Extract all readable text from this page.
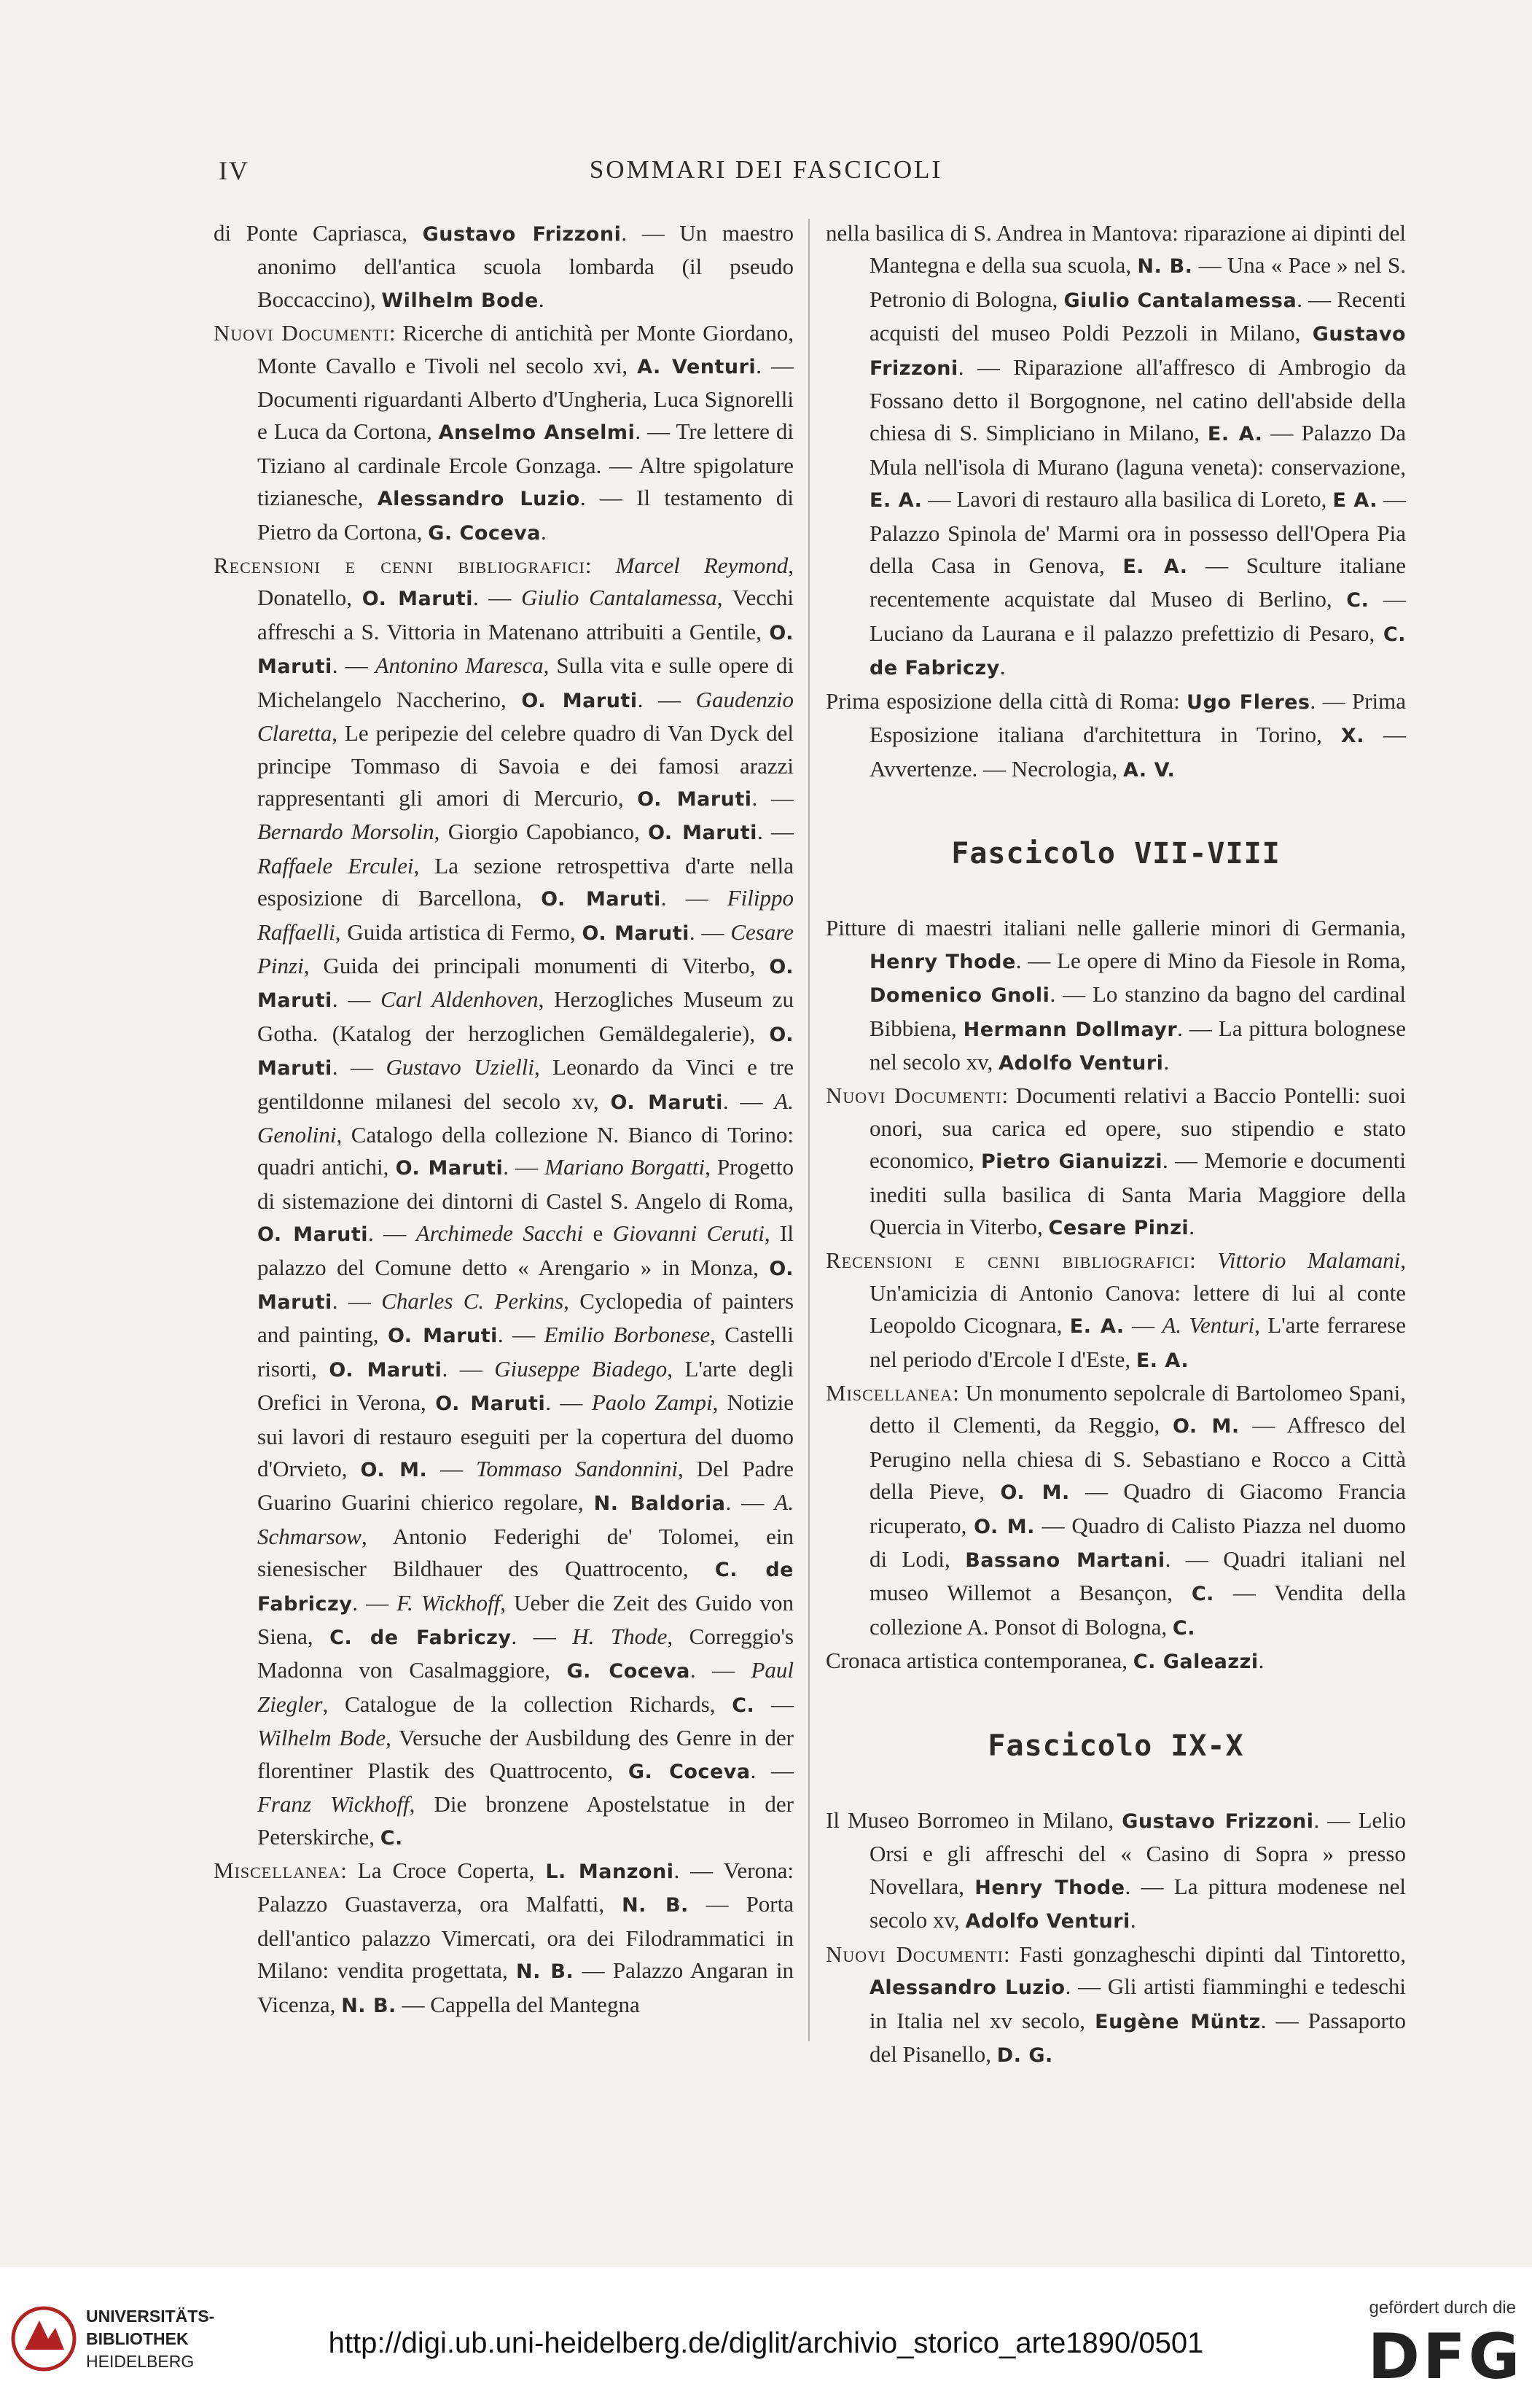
IV	SOMMARI DEI FASCICOLI
di Ponte Capriasca, Gustavo Frizzoni. — Un maestro anonimo dell'antica scuola lombarda (il pseudo Boccaccino), Wilhelm Bode.
Nuovi Documenti: Ricerche di antichità per Monte Giordano, Monte Cavallo e Tivoli nel secolo xvi, A. Venturi. — Documenti riguardanti Alberto d'Ungheria, Luca Signorelli e Luca da Cortona, Anselmo Anselmi. — Tre lettere di Tiziano al cardinale Ercole Gonzaga. — Altre spigolature tizianesche, Alessandro Luzio. — Il testamento di Pietro da Cortona, G. Coceva.
Recensioni e cenni bibliografici: Marcel Reymond, Donatello, O. Maruti. — Giulio Cantalamessa, Vecchi affreschi a S. Vittoria in Matenano attribuiti a Gentile, O. Maruti. — Antonino Maresca, Sulla vita e sulle opere di Michelangelo Naccherino, O. Maruti. — Gaudenzio Claretta, Le peripezie del celebre quadro di Van Dyck del principe Tommaso di Savoia e dei famosi arazzi rappresentanti gli amori di Mercurio, O. Maruti. — Bernardo Morsolin, Giorgio Capobianco, O. Maruti. — Raffaele Erculei, La sezione retrospettiva d'arte nella esposizione di Barcellona, O. Maruti. — Filippo Raffaelli, Guida artistica di Fermo, O. Maruti. — Cesare Pinzi, Guida dei principali monumenti di Viterbo, O. Maruti. — Carl Aldenhoven, Herzogliches Museum zu Gotha. (Katalog der herzoglichen Gemäldegalerie), O. Maruti. — Gustavo Uzielli, Leonardo da Vinci e tre gentildonne milanesi del secolo xv, O. Maruti. — A. Genolini, Catalogo della collezione N. Bianco di Torino: quadri antichi, O. Maruti. — Mariano Borgatti, Progetto di sistemazione dei dintorni di Castel S. Angelo di Roma, O. Maruti. — Archimede Sacchi e Giovanni Ceruti, Il palazzo del Comune detto « Arengario » in Monza, O. Maruti. — Charles C. Perkins, Cyclopedia of painters and painting, O. Maruti. — Emilio Borbonese, Castelli risorti, O. Maruti. — Giuseppe Biadego, L'arte degli Orefici in Verona, O. Maruti. — Paolo Zampi, Notizie sui lavori di restauro eseguiti per la copertura del duomo d'Orvieto, O. M. — Tommaso Sandonnini, Del Padre Guarino Guarini chierico regolare, N. Baldoria. — A. Schmarsow, Antonio Federighi de' Tolomei, ein sienesischer Bildhauer des Quattrocento, C. de Fabriczy. — F. Wickhoff, Ueber die Zeit des Guido von Siena, C. de Fabriczy. — H. Thode, Correggio's Madonna von Casalmaggiore, G. Coceva. — Paul Ziegler, Catalogue de la collection Richards, C. — Wilhelm Bode, Versuche der Ausbildung des Genre in der florentiner Plastik des Quattrocento, G. Coceva. — Franz Wickhoff, Die bronzene Apostelstatue in der Peterskirche, C.
Miscellanea: La Croce Coperta, L. Manzoni. — Verona: Palazzo Guastaverza, ora Malfatti, N. B. — Porta dell'antico palazzo Vimercati, ora dei Filodrammatici in Milano: vendita progettata, N. B. — Palazzo Angaran in Vicenza, N. B. — Cappella del Mantegna
nella basilica di S. Andrea in Mantova: riparazione ai dipinti del Mantegna e della sua scuola, N. B. — Una « Pace » nel S. Petronio di Bologna, Giulio Cantalamessa. — Recenti acquisti del museo Poldi Pezzoli in Milano, Gustavo Frizzoni. — Riparazione all'affresco di Ambrogio da Fossano detto il Borgognone, nel catino dell'abside della chiesa di S. Simpliciano in Milano, E. A. — Palazzo Da Mula nell'isola di Murano (laguna veneta): conservazione, E. A. — Lavori di restauro alla basilica di Loreto, E A. — Palazzo Spinola de' Marmi ora in possesso dell'Opera Pia della Casa in Genova, E. A. — Sculture italiane recentemente acquistate dal Museo di Berlino, C. — Luciano da Laurana e il palazzo prefettizio di Pesaro, C. de Fabriczy.
Prima esposizione della città di Roma: Ugo Fleres. — Prima Esposizione italiana d'architettura in Torino, X. — Avvertenze. — Necrologia, A. V.
Fascicolo VII-VIII
Pitture di maestri italiani nelle gallerie minori di Germania, Henry Thode. — Le opere di Mino da Fiesole in Roma, Domenico Gnoli. — Lo stanzino da bagno del cardinal Bibbiena, Hermann Dollmayr. — La pittura bolognese nel secolo xv, Adolfo Venturi.
Nuovi Documenti: Documenti relativi a Baccio Pontelli: suoi onori, sua carica ed opere, suo stipendio e stato economico, Pietro Gianuizzi. — Memorie e documenti inediti sulla basilica di Santa Maria Maggiore della Quercia in Viterbo, Cesare Pinzi.
Recensioni e cenni bibliografici: Vittorio Malamani, Un'amicizia di Antonio Canova: lettere di lui al conte Leopoldo Cicognara, E. A. — A. Venturi, L'arte ferrarese nel periodo d'Ercole I d'Este, E. A.
Miscellanea: Un monumento sepolcrale di Bartolomeo Spani, detto il Clementi, da Reggio, O. M. — Affresco del Perugino nella chiesa di S. Sebastiano e Rocco a Città della Pieve, O. M. — Quadro di Giacomo Francia ricuperato, O. M. — Quadro di Calisto Piazza nel duomo di Lodi, Bassano Martani. — Quadri italiani nel museo Willemot a Besançon, C. — Vendita della collezione A. Ponsot di Bologna, C.
Cronaca artistica contemporanea, C. Galeazzi.
Fascicolo IX-X
Il Museo Borromeo in Milano, Gustavo Frizzoni. — Lelio Orsi e gli affreschi del « Casino di Sopra » presso Novellara, Henry Thode. — La pittura modenese nel secolo xv, Adolfo Venturi.
Nuovi Documenti: Fasti gonzagheschi dipinti dal Tintoretto, Alessandro Luzio. — Gli artisti fiamminghi e tedeschi in Italia nel xv secolo, Eugène Müntz. — Passaporto del Pisanello, D. G.
UNIVERSITÄTS-
BIBLIOTHEK
HEIDELBERG
http://digi.ub.uni-heidelberg.de/diglit/archivio_storico_arte1890/0501
gefördert durch die
DFG
